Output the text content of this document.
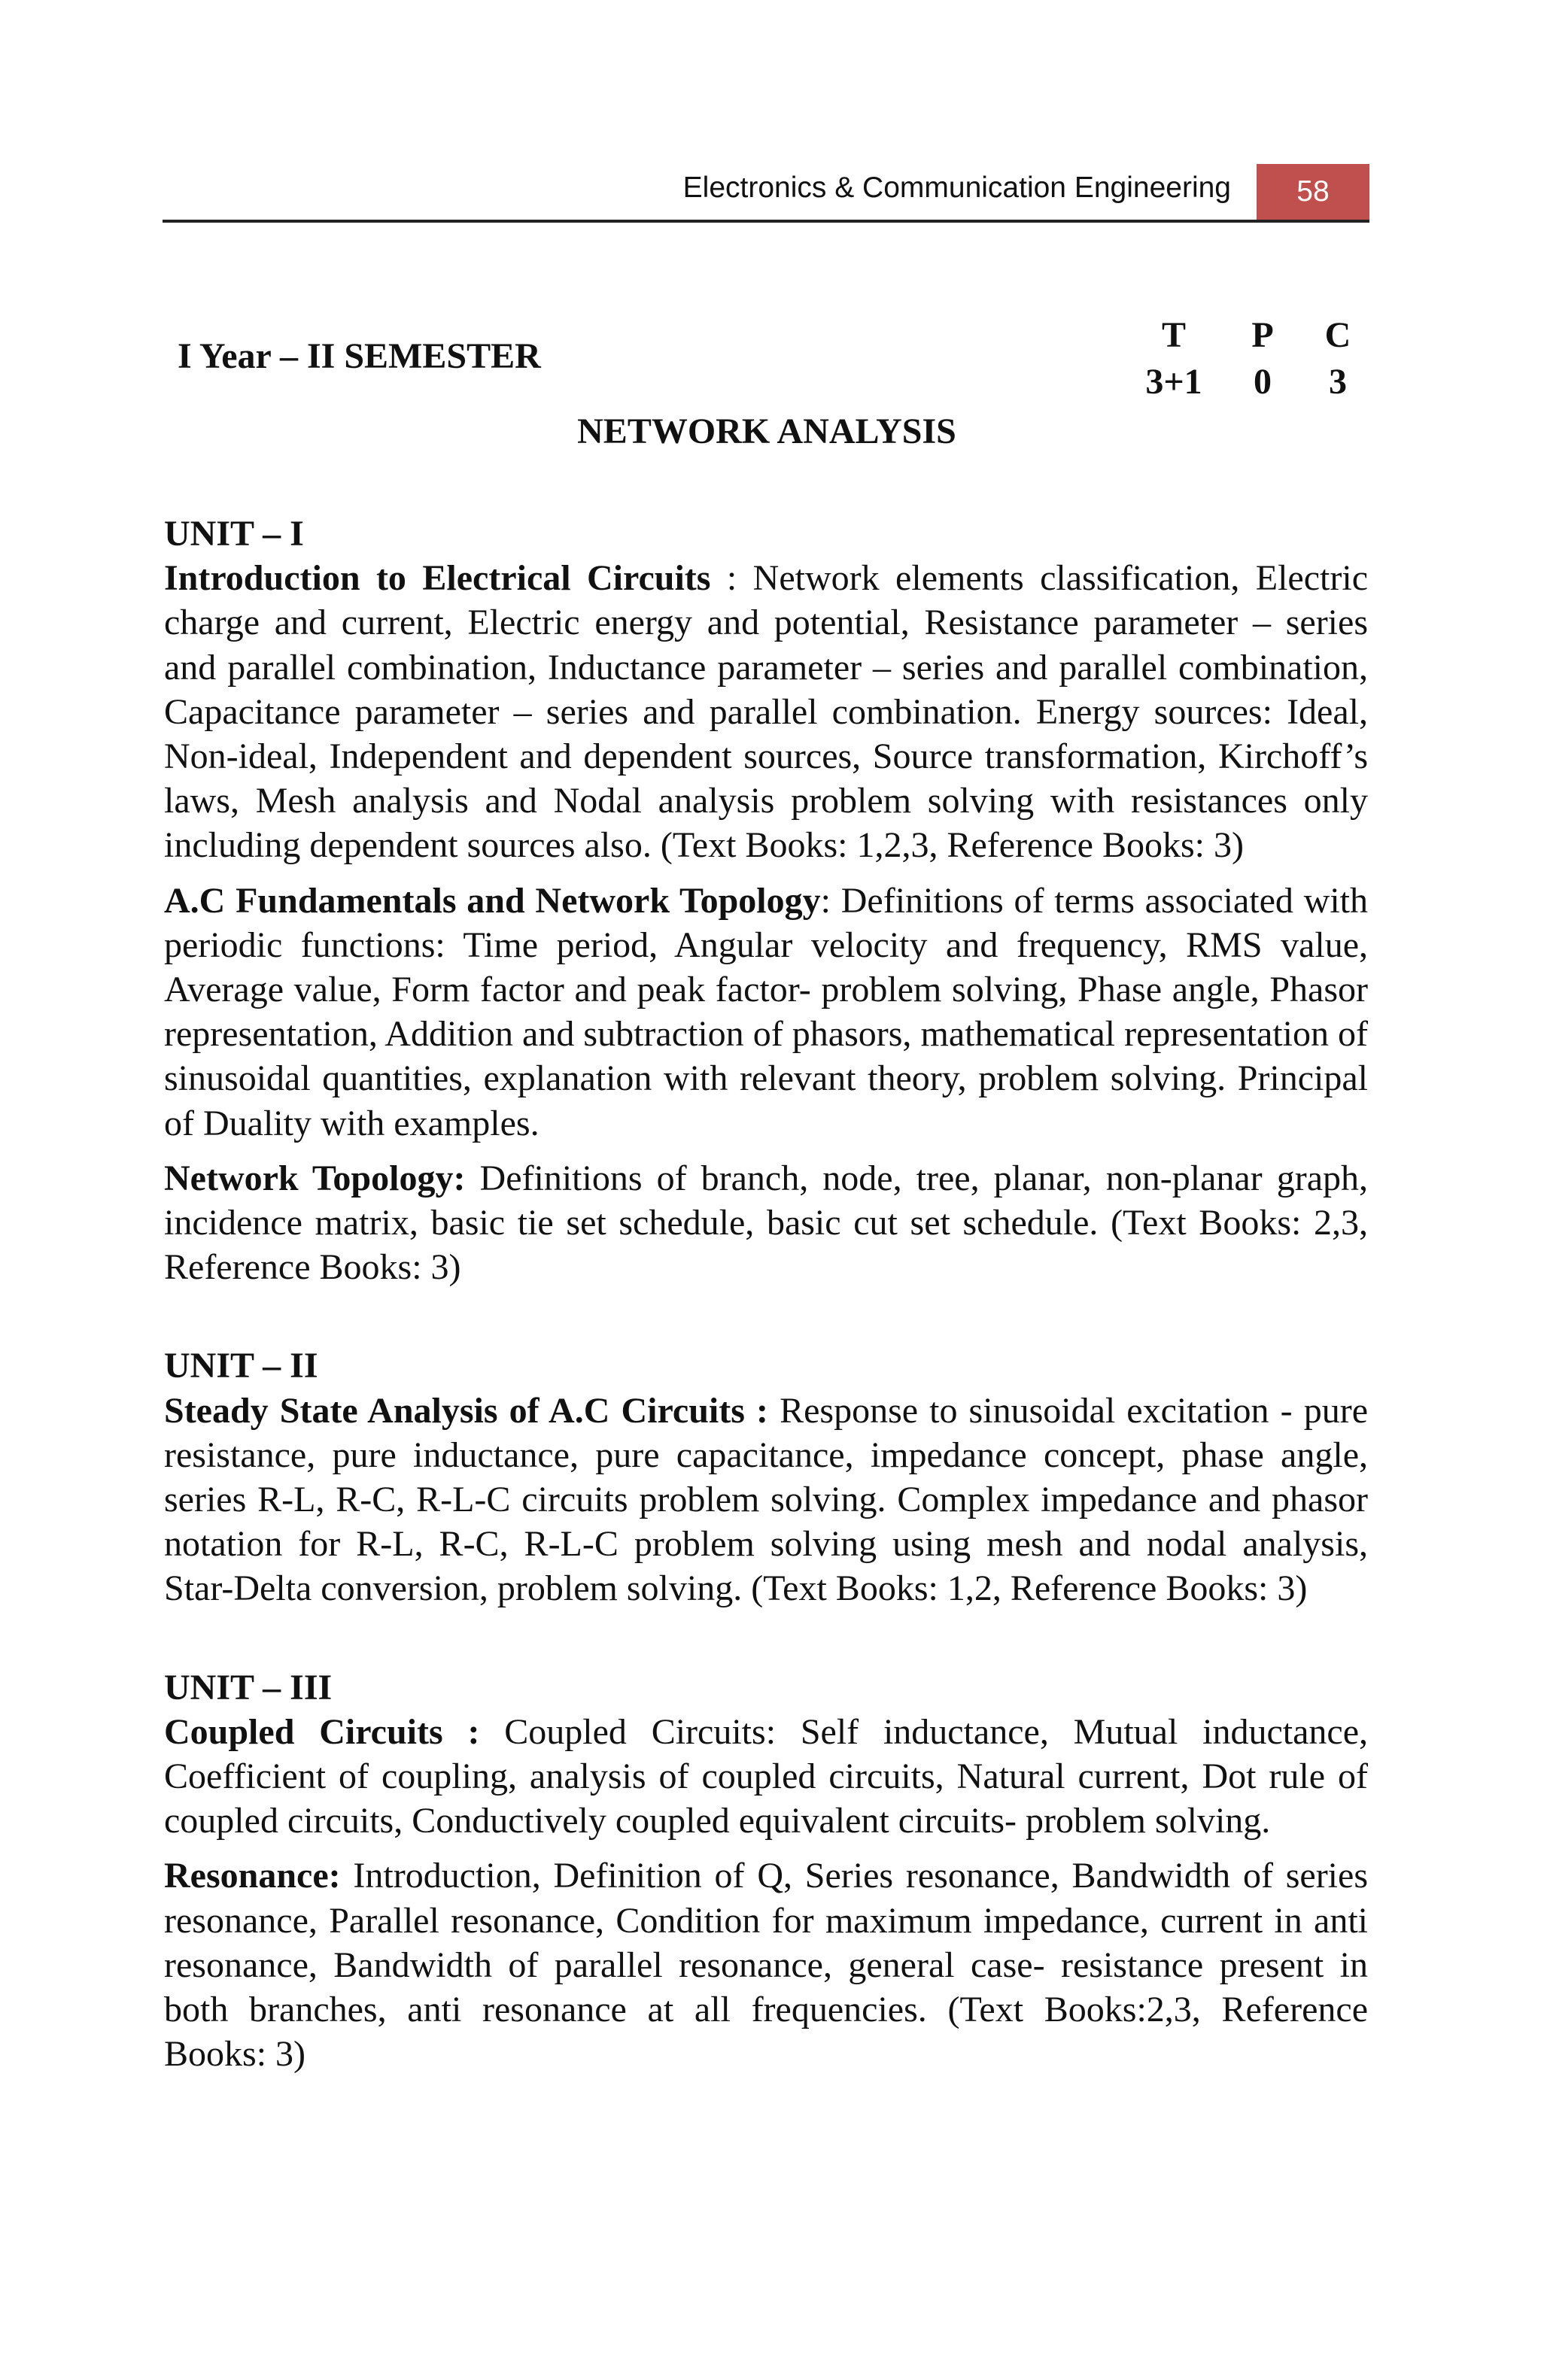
Electronics & Communication Engineering	58
I Year – II SEMESTER
T	P	C
3+1	0	3
NETWORK ANALYSIS
UNIT – I

Introduction to Electrical Circuits : Network elements classification, Electric charge and current, Electric energy and potential, Resistance parameter – series and parallel combination, Inductance parameter – series and parallel combination, Capacitance parameter – series and parallel combination. Energy sources: Ideal, Non-ideal, Independent and dependent sources, Source transformation, Kirchoff’s laws, Mesh analysis and Nodal analysis problem solving with resistances only including dependent sources also. (Text Books: 1,2,3, Reference Books: 3)

A.C Fundamentals and Network Topology: Definitions of terms associated with periodic functions: Time period, Angular velocity and frequency, RMS value, Average value, Form factor and peak factor- problem solving, Phase angle, Phasor representation, Addition and subtraction of phasors, mathematical representation of sinusoidal quantities, explanation with relevant theory, problem solving. Principal of Duality with examples.

Network Topology: Definitions of branch, node, tree, planar, non-planar graph, incidence matrix, basic tie set schedule, basic cut set schedule. (Text Books: 2,3, Reference Books: 3)

UNIT – II

Steady State Analysis of A.C Circuits : Response to sinusoidal excitation - pure resistance, pure inductance, pure capacitance, impedance concept, phase angle, series R-L, R-C, R-L-C circuits problem solving. Complex impedance and phasor notation for R-L, R-C, R-L-C problem solving using mesh and nodal analysis, Star-Delta conversion, problem solving. (Text Books: 1,2, Reference Books: 3)

UNIT – III

Coupled Circuits : Coupled Circuits: Self inductance, Mutual inductance, Coefficient of coupling, analysis of coupled circuits, Natural current, Dot rule of coupled circuits, Conductively coupled equivalent circuits- problem solving.

Resonance: Introduction, Definition of Q, Series resonance, Bandwidth of series resonance, Parallel resonance, Condition for maximum impedance, current in anti resonance, Bandwidth of parallel resonance, general case- resistance present in both branches, anti resonance at all frequencies. (Text Books:2,3, Reference Books: 3)
